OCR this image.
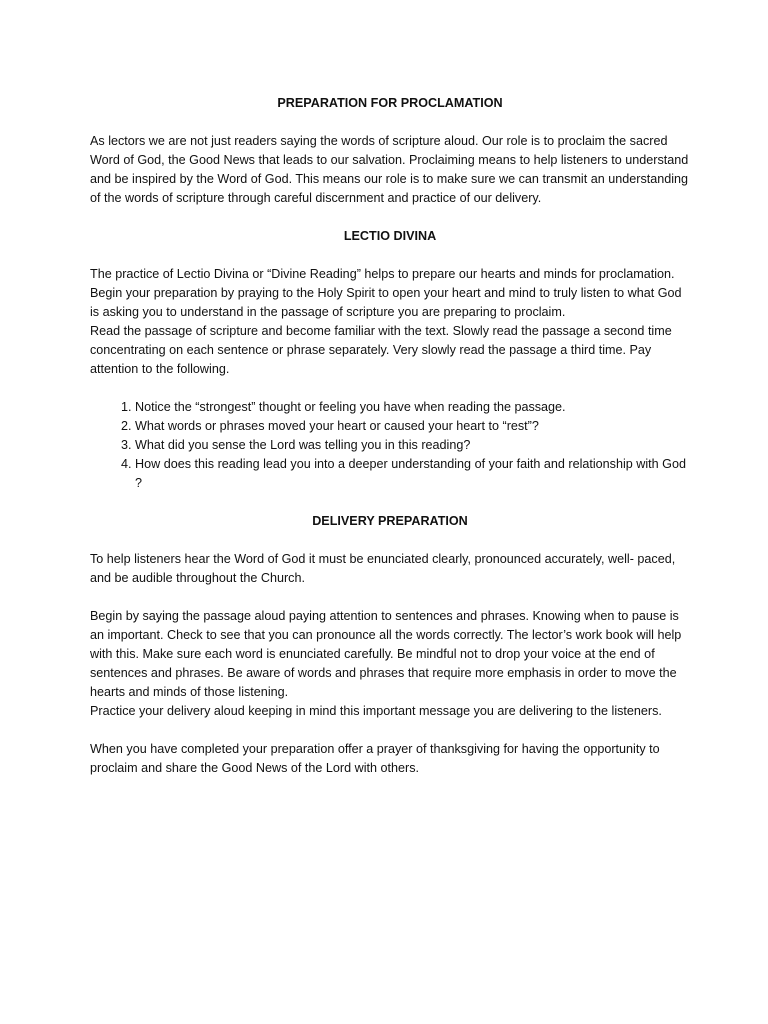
PREPARATION FOR PROCLAMATION

As lectors we are not just readers saying the words of scripture aloud. Our role is to proclaim the sacred Word of God, the Good News that leads to our salvation. Proclaiming means to help listeners to understand and be inspired by the Word of God. This means our role is to make sure we can transmit an understanding of the words of scripture through careful discernment and practice of our delivery.

LECTIO DIVINA

The practice of Lectio Divina or “Divine Reading” helps to prepare our hearts and minds for proclamation.

Begin your preparation by praying to the Holy Spirit to open your heart and mind to truly listen to what God is asking you to understand in the passage of scripture you are preparing to proclaim.

Read the passage of scripture and become familiar with the text. Slowly read the passage a second time concentrating on each sentence or phrase separately. Very slowly read the passage a third time. Pay attention to the following.

1. Notice the “strongest” thought or feeling you have when reading the passage.
2. What words or phrases moved your heart or caused your heart to “rest”?
3. What did you sense the Lord was telling you in this reading?
4. How does this reading lead you into a deeper understanding of your faith and relationship with God ?

DELIVERY PREPARATION

To help listeners hear the Word of God it must be enunciated clearly, pronounced accurately, well- paced, and be audible throughout the Church.

Begin by saying the passage aloud paying attention to sentences and phrases. Knowing when to pause is an important. Check to see that you can pronounce all the words correctly. The lector’s work book will help with this. Make sure each word is enunciated carefully. Be mindful not to drop your voice at the end of sentences and phrases. Be aware of words and phrases that require more emphasis in order to move the hearts and minds of those listening.

Practice your delivery aloud keeping in mind this important message you are delivering to the listeners.

When you have completed your preparation offer a prayer of thanksgiving for having the opportunity to proclaim and share the Good News of the Lord with others.
